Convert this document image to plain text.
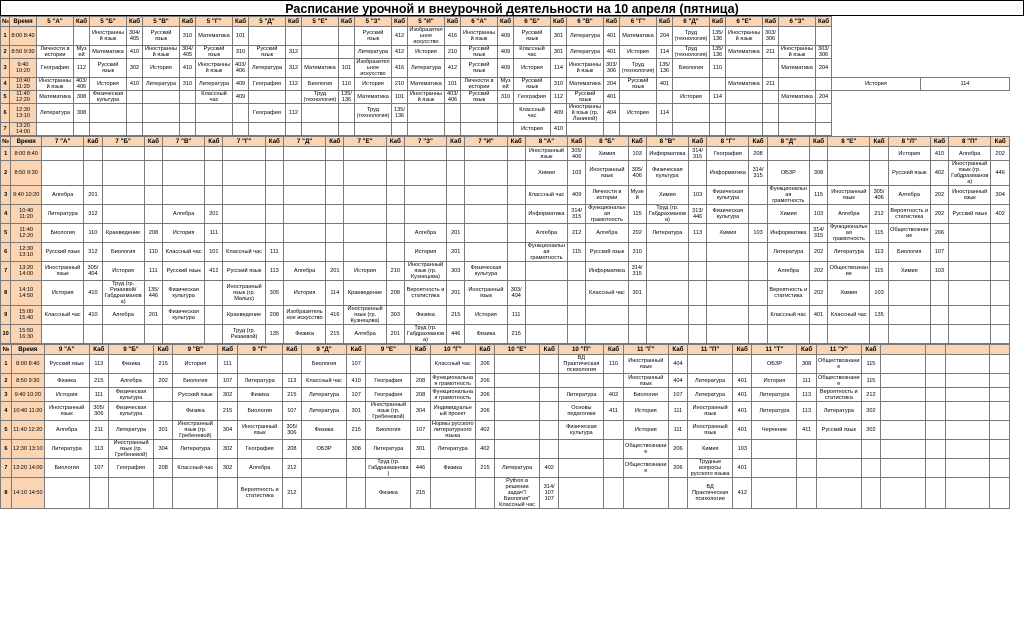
Расписание урочной и внеурочной деятельности на 10 апреля (пятница)
№	Время	5 "А"	Каб	5 "Б"	Каб	5 "В"	Каб	5 "Г"	Каб	5 "Д"	Каб	5 "Е"	Каб	5 "З"	Каб	5 "И"	Каб	6 "А"	Каб	6 "Б"	Каб	6 "В"	Каб	6 "Г"	Каб	6 "Д"	Каб	6 "Е"	Каб	6 "З"	Каб		
1	8:00 8:40			Иностранный язык	304/ 405	Русский язык	310	Математика	101					Русский язык	412	Изобразительное искусство	416	Иностранный язык	409	Русский язык	301	Литература	401	Математика	204	Труд (технология)	135/ 136	Иностранный язык	303/ 306				
2	8:50 9:30	Личности в истории	Музей	Математика	410	Иностранный язык	304/ 405	Русский язык	310	Русский язык	312			Литература	412	История	210	Русский язык	409	Классный час	301	Литература	401	История	114	Труд (технология)	135/ 136	Математика	211	Иностранный язык	303/ 306		
3	9:40 10:20	География	112	Русский язык	302	История	410	Иностранный язык	403/ 406	Литература	312	Математика	101	Изобразительное искусство	416	Литература	412	Русский язык	409	История	114	Иностранный язык	303/ 306	Труд (технология)	135/ 136	Биология	110			Математика	204		
4	10:40 11:20	Иностранный язык	403/ 406	История	410	Литература	310	Литература	409	География	112	Биология	110	История	210	Математика	101	Личности в истории	Музей	Русский язык	310	Математика	204	Русский язык	401			Математика	211			История	114
5	11:40 12:20	Математика	308	Физическая культура				Классный час	409			Труд (технология)	135/ 136	Математика	101	Иностранный язык	403/ 406	Русский язык	310	География	112	Русский язык	401			История	114			Математика	204		
6	12:30 13:10	Литература	308							География	112			Труд (технология)	135/ 136					Классный час	409	Иностранный язык (гр. Ланиной)	404	История	114								
7	13:20 14:00																			История	410												
№	Время	7 "А"	Каб	7 "Б"	Каб	7 "В"	Каб	7 "Г"	Каб	7 "Д"	Каб	7 "Е"	Каб	7 "З"	Каб	7 "И"	Каб	8 "А"	Каб	8 "Б"	Каб	8 "В"	Каб	8 "Г"	Каб	8 "Д"	Каб	8 "Е"	Каб	8 "Л"	Каб	8 "П"	Каб
1	8:00 8:40																	Иностранный язык	305/ 406	Химия	103	Информатика	314/ 315	География	208					История	410	Алгебра	202
2	8:50 9:30																	Химия	103	Иностранный язык	305/ 406	Физическая культура		Информатика	314/ 315	ОБЗР	308			Русский язык	402	Иностранный язык (гр. Габдрахманова)	446
3	9:40 10:20	Алгебра	201															Классный час	409	Личности в истории	Музей	Химия	103	Физическая культура		Функциональная грамотность	115	Иностранный язык	305/ 406	Алгебра	202	Иностранный язык	304
4	10:40 11:20	Литература	312			Алгебра	201											Информатика	314/ 315	Функциональная грамотность	115	Труд (гр. Габдрахманова)	313/ 446	Физическая культура		Химия	103	Алгебра	212	Вероятность и статистика	202	Русский язык	402
5	11:40 12:20	Биология	110	Краеведение	208	История	111							Алгебра	201			Алгебра	212	Алгебра	202	Литература	113	Химия	103	Информатика	314/ 315	Функциональная грамотность	115	Обществознание	206		
6	12:30 13:10	Русский язык	312	Биология	110	Классный час	101	Классный час	111					История	201			Функциональная грамотность	115	Русский язык	310					Литература	202	Литература	113	Биология	107		
7	13:20 14:00	Иностранный язык	305/ 404	История	111	Русский язык	412	Русский язык	113	Алгебра	201	История	210	Иностранный язык (гр. Кузнецова)	303	Физическая культура				Информатика	314/ 315					Алгебра	202	Обществознание	115	Химия	103		
8	14:10 14:50	История	410	Труд (гр. Ризаевой/ Габдрахманова)	135/ 446	Физическая культура		Иностранный язык (гр. Малых)	305	История	114	Краеведение	208	Вероятность и статистика	201	Иностранный язык	303/ 404			Классный час	301					Вероятность и статистика	202	Химия	103				
9	15:00 15:40	Классный час	410	Алгебра	201	Физическая культура		Краеведение	208	Изобразительное искусство	416	Иностранный язык (гр. Кузнецова)	303	Физика	215	История	111									Классный час	401	Классный час	135				
10	15:50 16:30							Труд (гр. Ризаевой)	135	Физика	215	Алгебра	201	Труд (гр. Габдрахманова)	446	Физика	215																
№	Время	9 "А"	Каб	9 "Б"	Каб	9 "В"	Каб	9 "Г"	Каб	9 "Д"	Каб	9 "Е"	Каб	10 "Г"	Каб	10 "Е"	Каб	10 "П"	Каб	11 "Г"	Каб	11 "П"	Каб	11 "Т"	Каб	11 "У"	Каб				
1	8:00 8:40	Русский язык	113	Физика	215	История	111			Биология	107			Классный час	206			ВД Практическая психология	110	Иностранный язык	404			ОБЗР	308	Обществознание	115				
2	8:50 9:30	Физика	215	Алгебра	202	Биология	107	Литература	113	Классный час	410	География	208	Функциональная грамотность	206					Иностранный язык	404	Литература	401	История	111	Обществознание	115				
3	9:40 10:20	История	111	Физическая культура		Русский язык	302	Физика	215	Литература	107	География	208	Функциональная грамотность	206			Литература	402	Биология	107	Литература	401	Литература	113	Вероятность и статистика	212				
4	10:40 11:20	Иностранный язык	305/ 306	Физическая культура		Физика	215	Биология	107	Литература	301	Иностранный язык (гр. Гребеневой)	304	Индивидуальный проект	206			Основы педагогики	411	История	111	Иностранный язык	401	Литература	113	Литература	302				
5	11:40 12:20	Алгебра	211	Литература	301	Иностранный язык (гр. Гребеневой)	304	Иностранный язык	305/ 306	Физика	215	Биология	107	Нормы русского литературного языка	402			Физическая культура		История	111	Иностранный язык	401	Черчение	411	Русский язык	302				
6	12:30 13:10	Литература	113	Иностранный язык (гр. Гребеневой)	304	Литература	302	География	208	ОБЗР	308	Литература	301	Литература	402					Обществознание	206	Химия	103								
7	13:20 14:00	Биология	107	География	208	Классный час	302	Алгебра	212			Труд (гр. Габдрахманова)	446	Физика	215	Литература	402			Обществознание	206	Трудные вопросы русского языка	401								
8	14:10 14:50							Вероятность и статистика	212			Физика	215			Python в решении задач"/ Биология" Классный час	314/ 107 107					ВД Практическая психология	412								
